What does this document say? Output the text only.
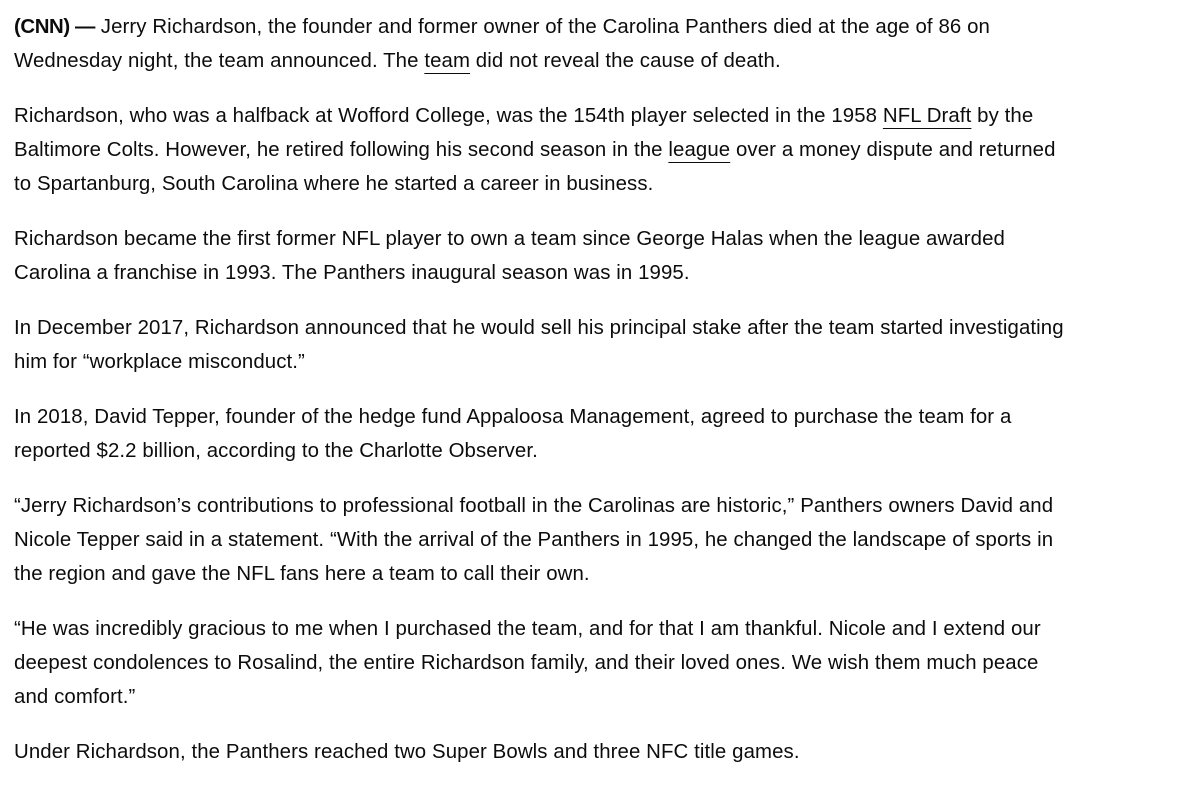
(CNN) — Jerry Richardson, the founder and former owner of the Carolina Panthers died at the age of 86 on
Wednesday night, the team announced. The team did not reveal the cause of death.

Richardson, who was a halfback at Wofford College, was the 154th player selected in the 1958 NFL Draft by the
Baltimore Colts. However, he retired following his second season in the league over a money dispute and returned
to Spartanburg, South Carolina where he started a career in business.

Richardson became the first former NFL player to own a team since George Halas when the league awarded
Carolina a franchise in 1993. The Panthers inaugural season was in 1995.

In December 2017, Richardson announced that he would sell his principal stake after the team started investigating
him for “workplace misconduct.”

In 2018, David Tepper, founder of the hedge fund Appaloosa Management, agreed to purchase the team for a
reported $2.2 billion, according to the Charlotte Observer.

“Jerry Richardson’s contributions to professional football in the Carolinas are historic,” Panthers owners David and
Nicole Tepper said in a statement. “With the arrival of the Panthers in 1995, he changed the landscape of sports in
the region and gave the NFL fans here a team to call their own.

“He was incredibly gracious to me when I purchased the team, and for that I am thankful. Nicole and I extend our
deepest condolences to Rosalind, the entire Richardson family, and their loved ones. We wish them much peace
and comfort.”

Under Richardson, the Panthers reached two Super Bowls and three NFC title games.
